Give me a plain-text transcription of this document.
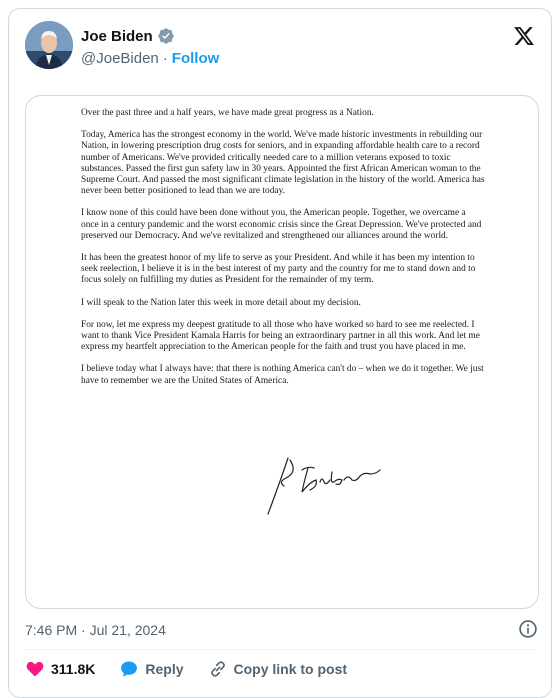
Joe Biden
@JoeBiden · Follow

Over the past three and a half years, we have made great progress as a Nation.

Today, America has the strongest economy in the world. We've made historic investments in rebuilding our Nation, in lowering prescription drug costs for seniors, and in expanding affordable health care to a record number of Americans. We've provided critically needed care to a million veterans exposed to toxic substances. Passed the first gun safety law in 30 years. Appointed the first African American woman to the Supreme Court. And passed the most significant climate legislation in the history of the world. America has never been better positioned to lead than we are today.

I know none of this could have been done without you, the American people. Together, we overcame a once in a century pandemic and the worst economic crisis since the Great Depression. We've protected and preserved our Democracy. And we've revitalized and strengthened our alliances around the world.

It has been the greatest honor of my life to serve as your President. And while it has been my intention to seek reelection, I believe it is in the best interest of my party and the country for me to stand down and to focus solely on fulfilling my duties as President for the remainder of my term.

I will speak to the Nation later this week in more detail about my decision.

For now, let me express my deepest gratitude to all those who have worked so hard to see me reelected. I want to thank Vice President Kamala Harris for being an extraordinary partner in all this work. And let me express my heartfelt appreciation to the American people for the faith and trust you have placed in me.

I believe today what I always have: that there is nothing America can't do – when we do it together. We just have to remember we are the United States of America.

7:46 PM · Jul 21, 2024
311.8K	Reply	Copy link to post
